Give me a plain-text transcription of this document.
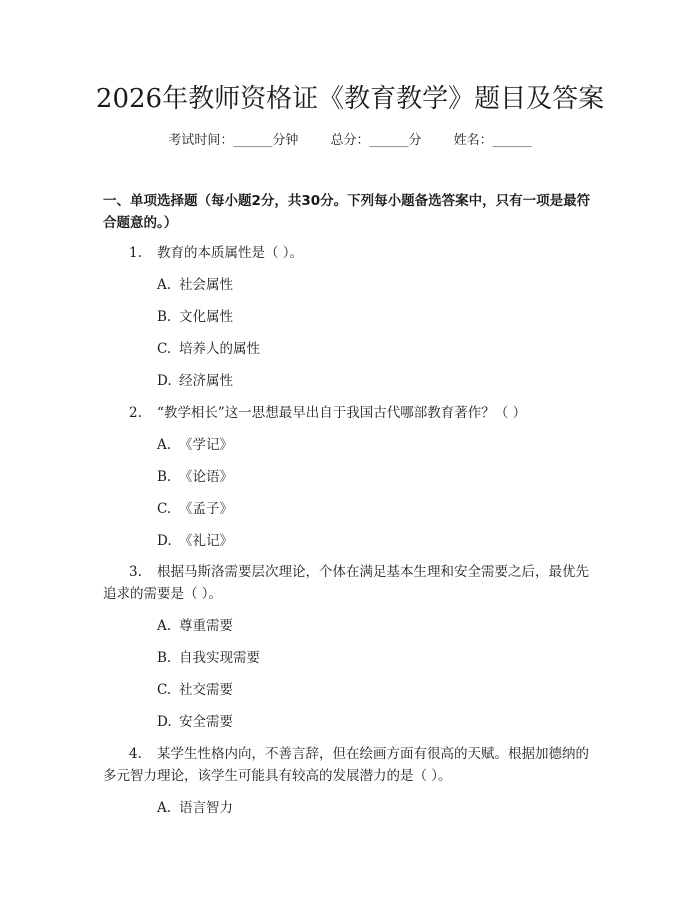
2026年教师资格证《教育教学》题目及答案
考试时间：______分钟 总分：______分 姓名：______
一、单项选择题（每小题2分，共30分。下列每小题备选答案中，只有一项是最符合题意的。）
1. 教育的本质属性是（ ）。
A. 社会属性
B. 文化属性
C. 培养人的属性
D. 经济属性
2. “教学相长”这一思想最早出自于我国古代哪部教育著作？（ ）
A. 《学记》
B. 《论语》
C. 《孟子》
D. 《礼记》
3. 根据马斯洛需要层次理论，个体在满足基本生理和安全需要之后，最优先追求的需要是（ ）。
A. 尊重需要
B. 自我实现需要
C. 社交需要
D. 安全需要
4. 某学生性格内向，不善言辞，但在绘画方面有很高的天赋。根据加德纳的多元智力理论，该学生可能具有较高的发展潜力的是（ ）。
A. 语言智力
